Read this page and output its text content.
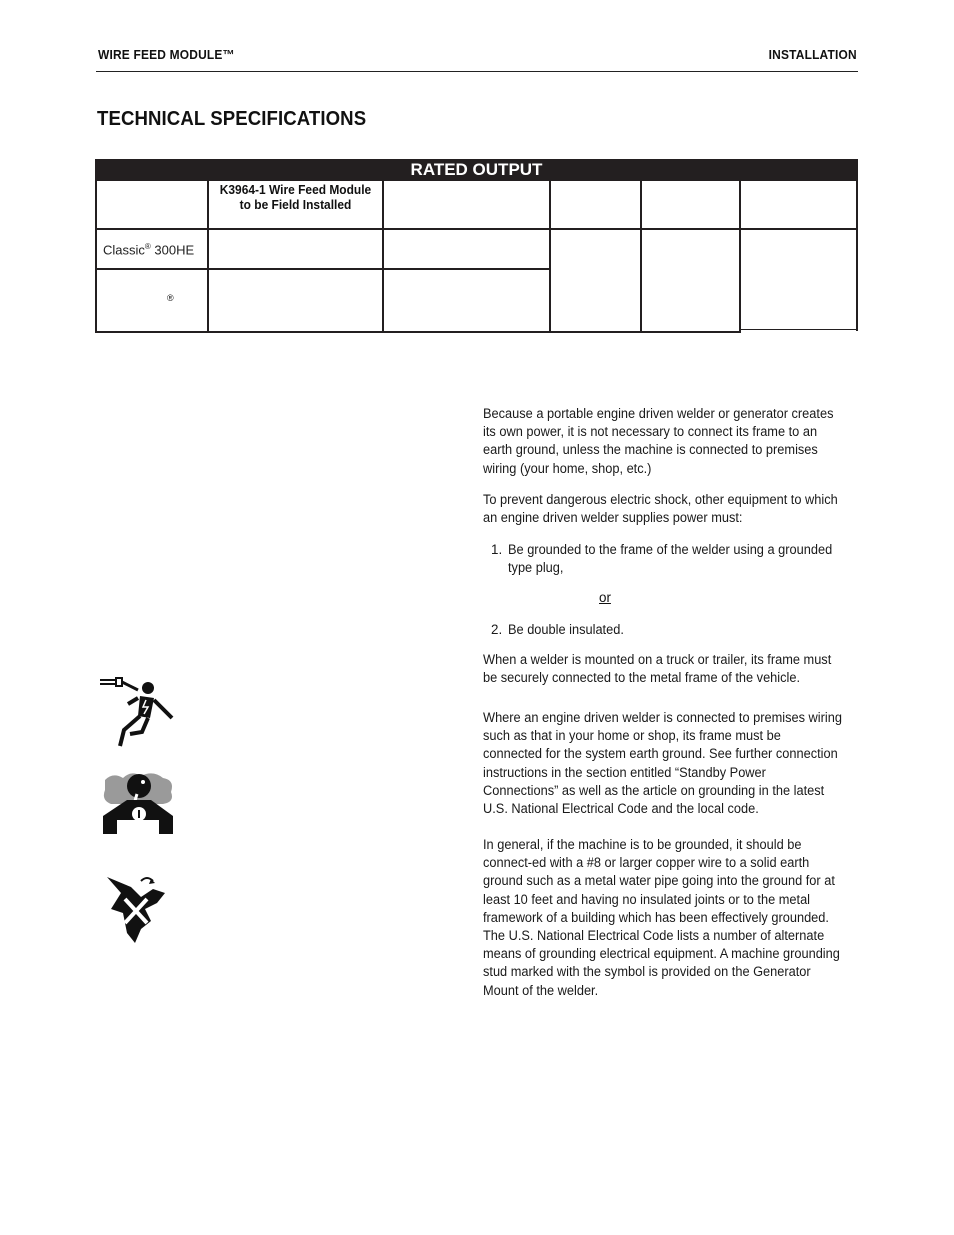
WIRE FEED MODULE™	INSTALLATION
TECHNICAL SPECIFICATIONS
RATED OUTPUT
K3964-1 Wire Feed Module
to be Field Installed
Classic® 300HE
®
Because a portable engine driven welder or generator creates its own power, it is not necessary to connect its frame to an earth ground, unless the machine is connected to premises wiring (your home, shop, etc.)
To prevent dangerous electric shock, other equipment to which an engine driven welder supplies power must:
1. Be grounded to the frame of the welder using a grounded type plug,
or
2. Be double insulated.
When a welder is mounted on a truck or trailer, its frame must be securely connected to the metal frame of the vehicle.
Where an engine driven welder is connected to premises wiring such as that in your home or shop, its frame must be connected for the system earth ground. See further connection instructions in the section entitled “Standby Power Connections” as well as the article on grounding in the latest U.S. National Electrical Code and the local code.
In general, if the machine is to be grounded, it should be connect-ed with a #8 or larger copper wire to a solid earth ground such as a metal water pipe going into the ground for at least 10 feet and having no insulated joints or to the metal framework of a building which has been effectively grounded. The U.S. National Electrical Code lists a number of alternate means of grounding electrical equipment. A machine grounding stud marked with the symbol is provided on the Generator Mount of the welder.
